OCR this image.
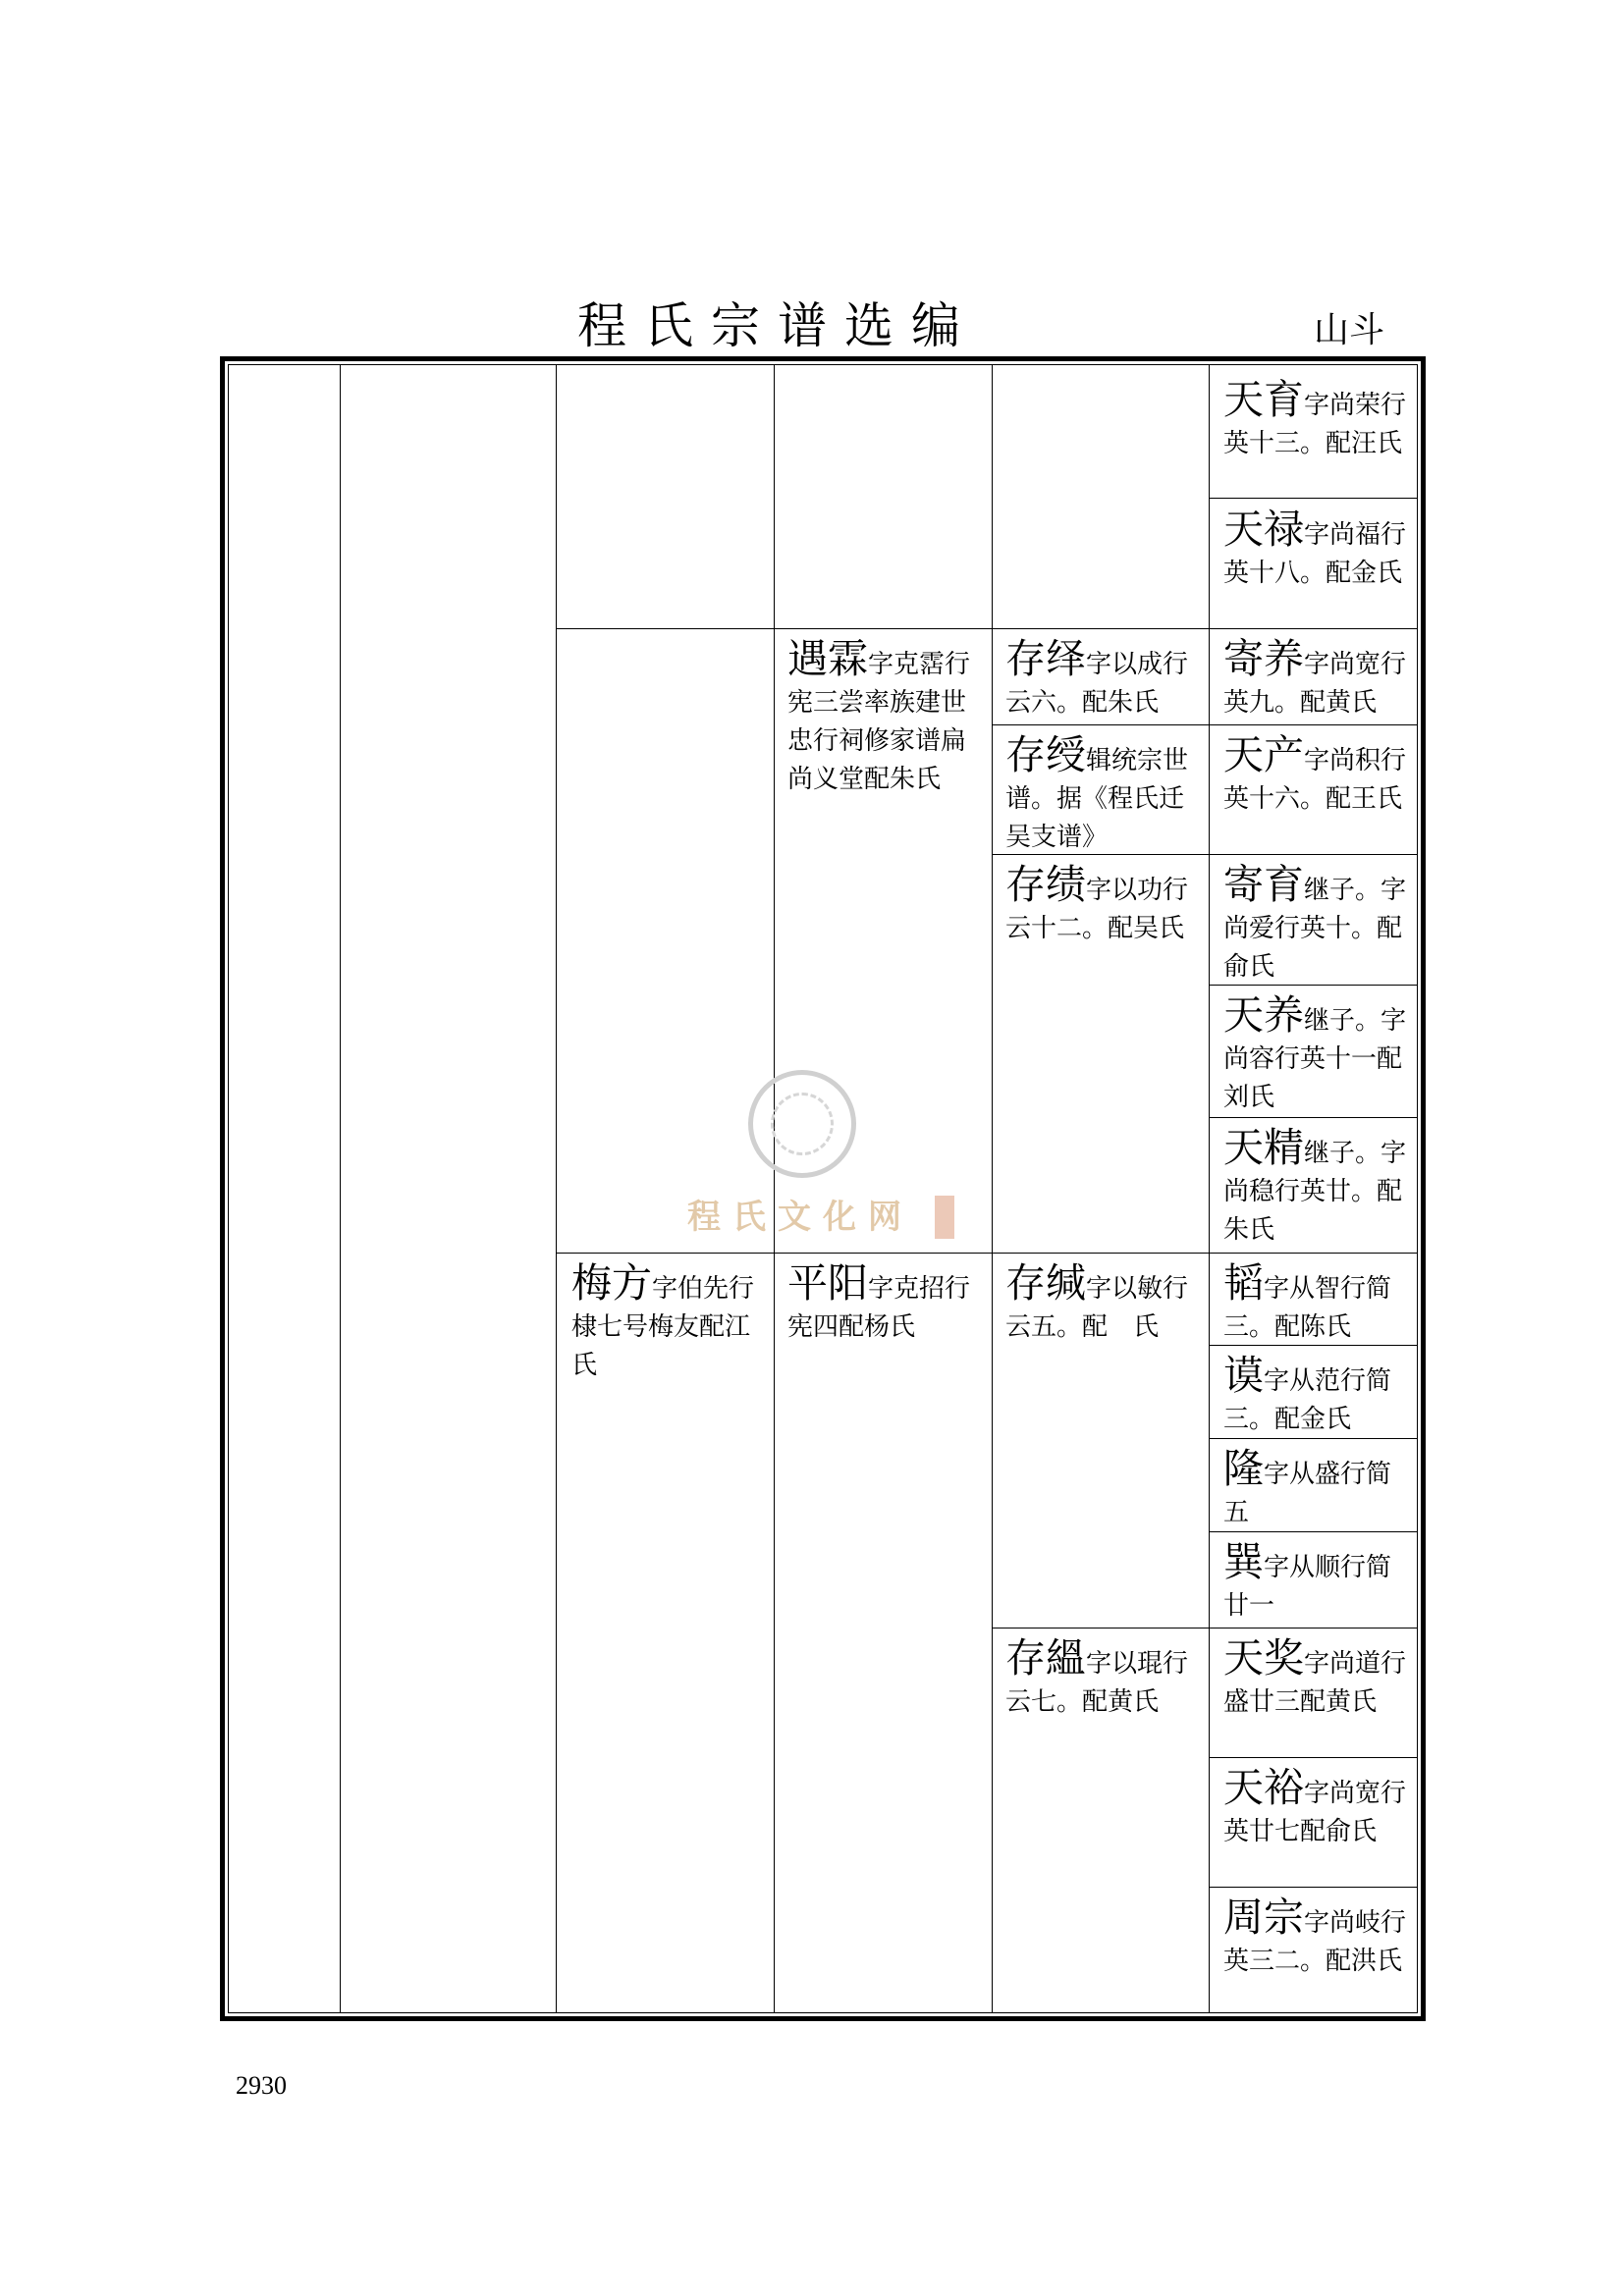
程氏宗谱选编	山斗
天育字尚荣行英十三。配汪氏
天禄字尚福行英十八。配金氏
遇霖字克霑行宪三尝率族建世忠行祠修家谱扁尚义堂配朱氏
存绎字以成行云六。配朱氏
寄养字尚宽行英九。配黄氏
存绶辑统宗世谱。据《程氏迁吴支谱》
天产字尚积行英十六。配王氏
存绩字以功行云十二。配吴氏
寄育继子。字尚爱行英十。配俞氏
天养继子。字尚容行英十一配刘氏
天精继子。字尚稳行英廿。配朱氏
梅方字伯先行棣七号梅友配江氏
平阳字克招行宪四配杨氏
存缄字以敏行云五。配　氏
韬字从智行简三。配陈氏
谟字从范行简三。配金氏
隆字从盛行简五
巽字从顺行简廿一
存縕字以琨行云七。配黄氏
天奖字尚道行盛廿三配黄氏
天裕字尚宽行英廿七配俞氏
周宗字尚岐行英三二。配洪氏
程氏文化网
2930
